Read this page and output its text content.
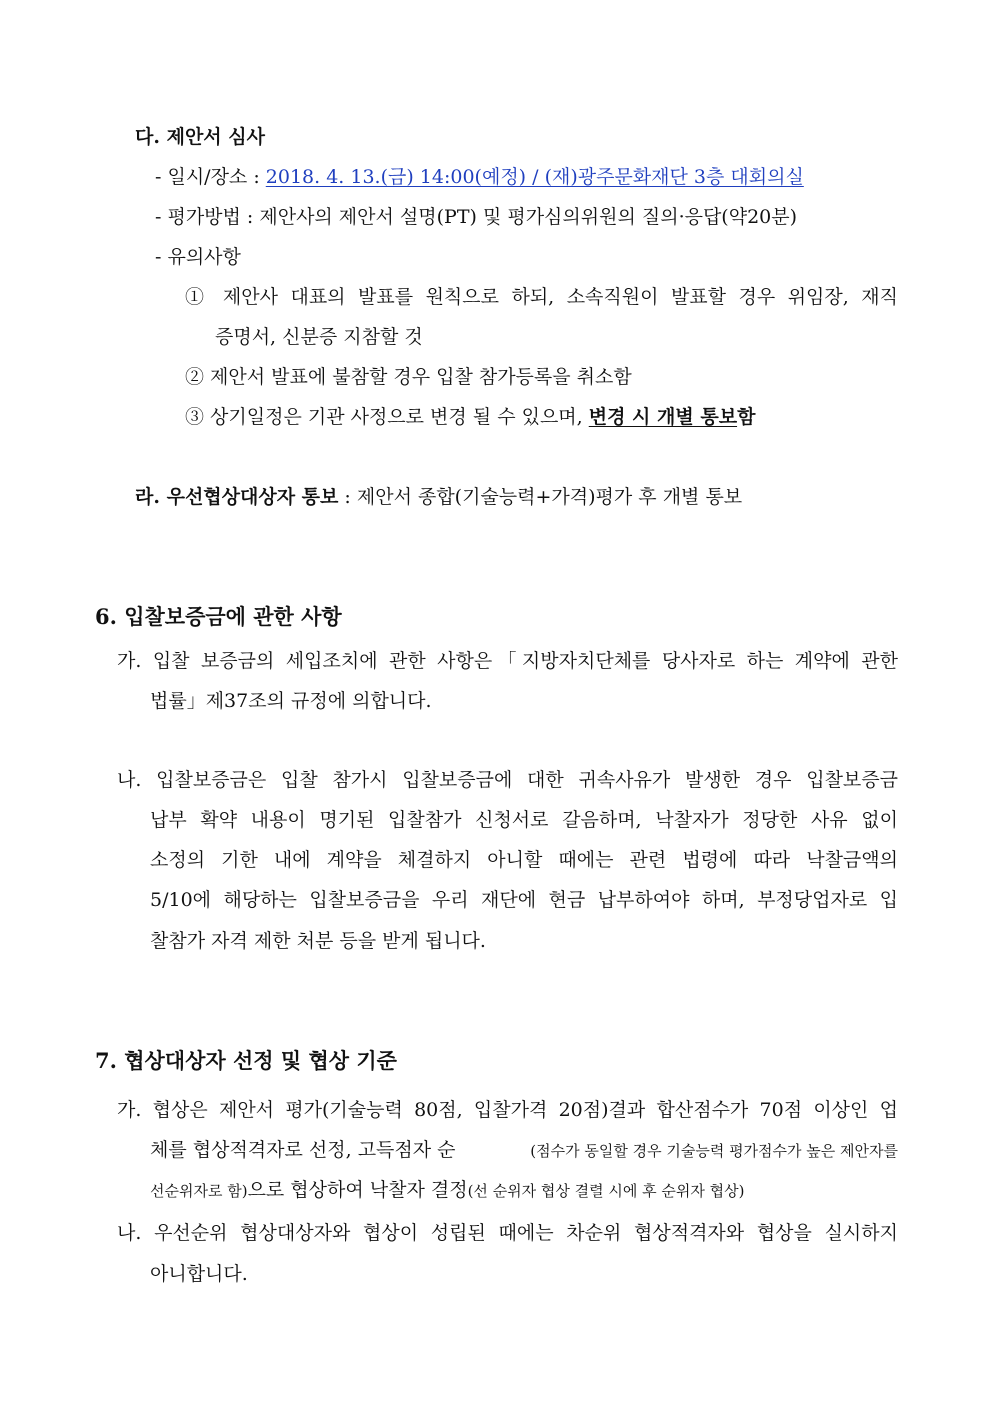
다. 제안서 심사
- 일시/장소 : 2018. 4. 13.(금) 14:00(예정) / (재)광주문화재단 3층 대회의실
- 평가방법 : 제안사의 제안서 설명(PT) 및 평가심의위원의 질의·응답(약20분)
- 유의사항
① 제안사 대표의 발표를 원칙으로 하되, 소속직원이 발표할 경우 위임장, 재직
증명서, 신분증 지참할 것
② 제안서 발표에 불참할 경우 입찰 참가등록을 취소함
③ 상기일정은 기관 사정으로 변경 될 수 있으며, 변경 시 개별 통보함
라. 우선협상대상자 통보 : 제안서 종합(기술능력+가격)평가 후 개별 통보
6. 입찰보증금에 관한 사항
가. 입찰 보증금의 세입조치에 관한 사항은「지방자치단체를 당사자로 하는 계약에 관한
법률」제37조의 규정에 의합니다.
나. 입찰보증금은 입찰 참가시 입찰보증금에 대한 귀속사유가 발생한 경우 입찰보증금
납부 확약 내용이 명기된 입찰참가 신청서로 갈음하며, 낙찰자가 정당한 사유 없이
소정의 기한 내에 계약을 체결하지 아니할 때에는 관련 법령에 따라 낙찰금액의
5/10에 해당하는 입찰보증금을 우리 재단에 현금 납부하여야 하며, 부정당업자로 입
찰참가 자격 제한 처분 등을 받게 됩니다.
7. 협상대상자 선정 및 협상 기준
가. 협상은 제안서 평가(기술능력 80점, 입찰가격 20점)결과 합산점수가 70점 이상인 업
체를 협상적격자로 선정, 고득점자 순	(점수가 동일할 경우 기술능력 평가점수가 높은 제안자를
선순위자로 함)으로 협상하여 낙찰자 결정(선 순위자 협상 결렬 시에 후 순위자 협상)
나. 우선순위 협상대상자와 협상이 성립된 때에는 차순위 협상적격자와 협상을 실시하지
아니합니다.
